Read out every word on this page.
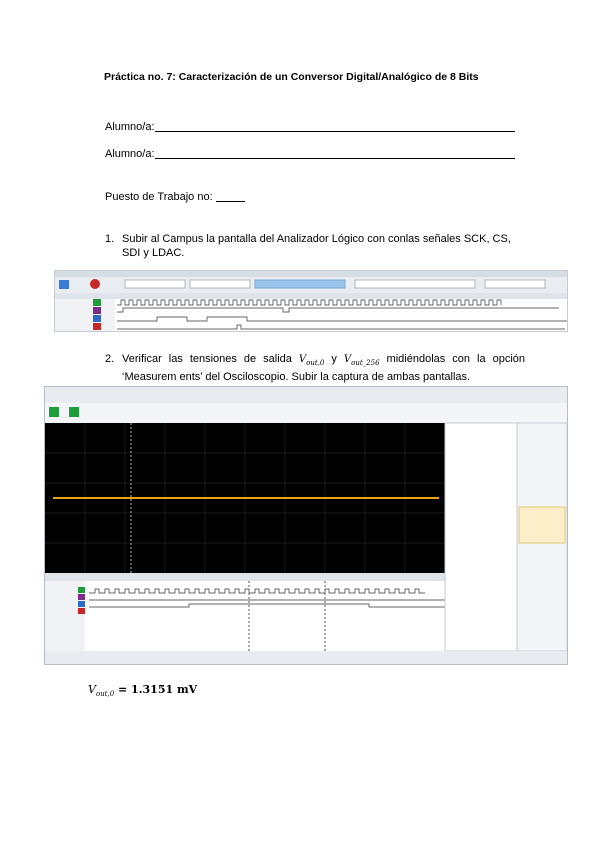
Práctica no. 7: Caracterización de un Conversor Digital/Analógico de 8 Bits
Alumno/a:
Alumno/a:
Puesto de Trabajo no:
1. Subir al Campus la pantalla del Analizador Lógico con conlas señales SCK, CS, SDI y LDAC.
2. Verificar las tensiones de salida $V_{out,0}$ y $V_{out\_256}$ midiéndolas con la opción ‘Measurem ents’ del Osciloscopio. Subir la captura de ambas pantallas.
$V_{out,0} = 1.3151$ mV
